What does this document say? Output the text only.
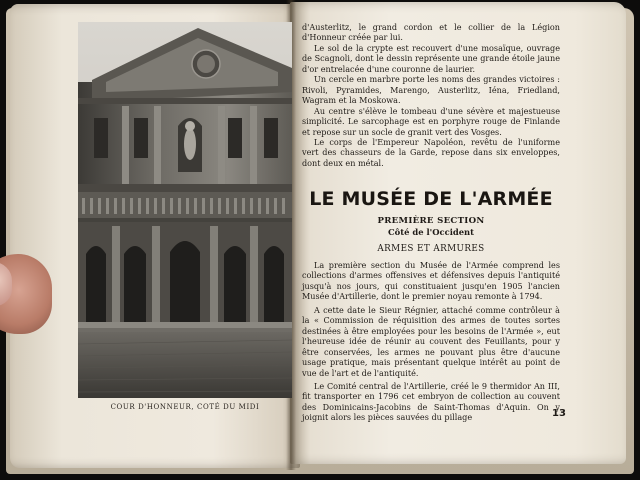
COUR D'HONNEUR, COTÉ DU MIDI

d'Austerlitz, le grand cordon et le collier de la Légion d'Honneur créée par lui.

Le sol de la crypte est recouvert d'une mosaïque, ouvrage de Scagnoli, dont le dessin représente une grande étoile jaune d'or entrelacée d'une couronne de laurier.

Un cercle en marbre porte les noms des grandes victoires : Rivoli, Pyramides, Marengo, Austerlitz, Iéna, Friedland, Wagram et la Moskowa.

Au centre s'élève le tombeau d'une sévère et majestueuse simplicité. Le sarcophage est en porphyre rouge de Finlande et repose sur un socle de granit vert des Vosges.

Le corps de l'Empereur Napoléon, revêtu de l'uniforme vert des chasseurs de la Garde, repose dans six enveloppes, dont deux en métal.

LE MUSÉE DE L'ARMÉE
PREMIÈRE SECTION
Côté de l'Occident
ARMES ET ARMURES

La première section du Musée de l'Armée comprend les collections d'armes offensives et défensives depuis l'antiquité jusqu'à nos jours, qui constituaient jusqu'en 1905 l'ancien Musée d'Artillerie, dont le premier noyau remonte à 1794.

A cette date le Sieur Régnier, attaché comme contrôleur à la « Commission de réquisition des armes de toutes sortes destinées à être employées pour les besoins de l'Armée », eut l'heureuse idée de réunir au couvent des Feuillants, pour y être conservées, les armes ne pouvant plus être d'aucune usage pratique, mais présentant quelque intérêt au point de vue de l'art et de l'antiquité.

Le Comité central de l'Artillerie, créé le 9 thermidor An III, fit transporter en 1796 cet embryon de collection au couvent des Dominicains-Jacobins de Saint-Thomas d'Aquin. On y joignit alors les pièces sauvées du pillage	13
